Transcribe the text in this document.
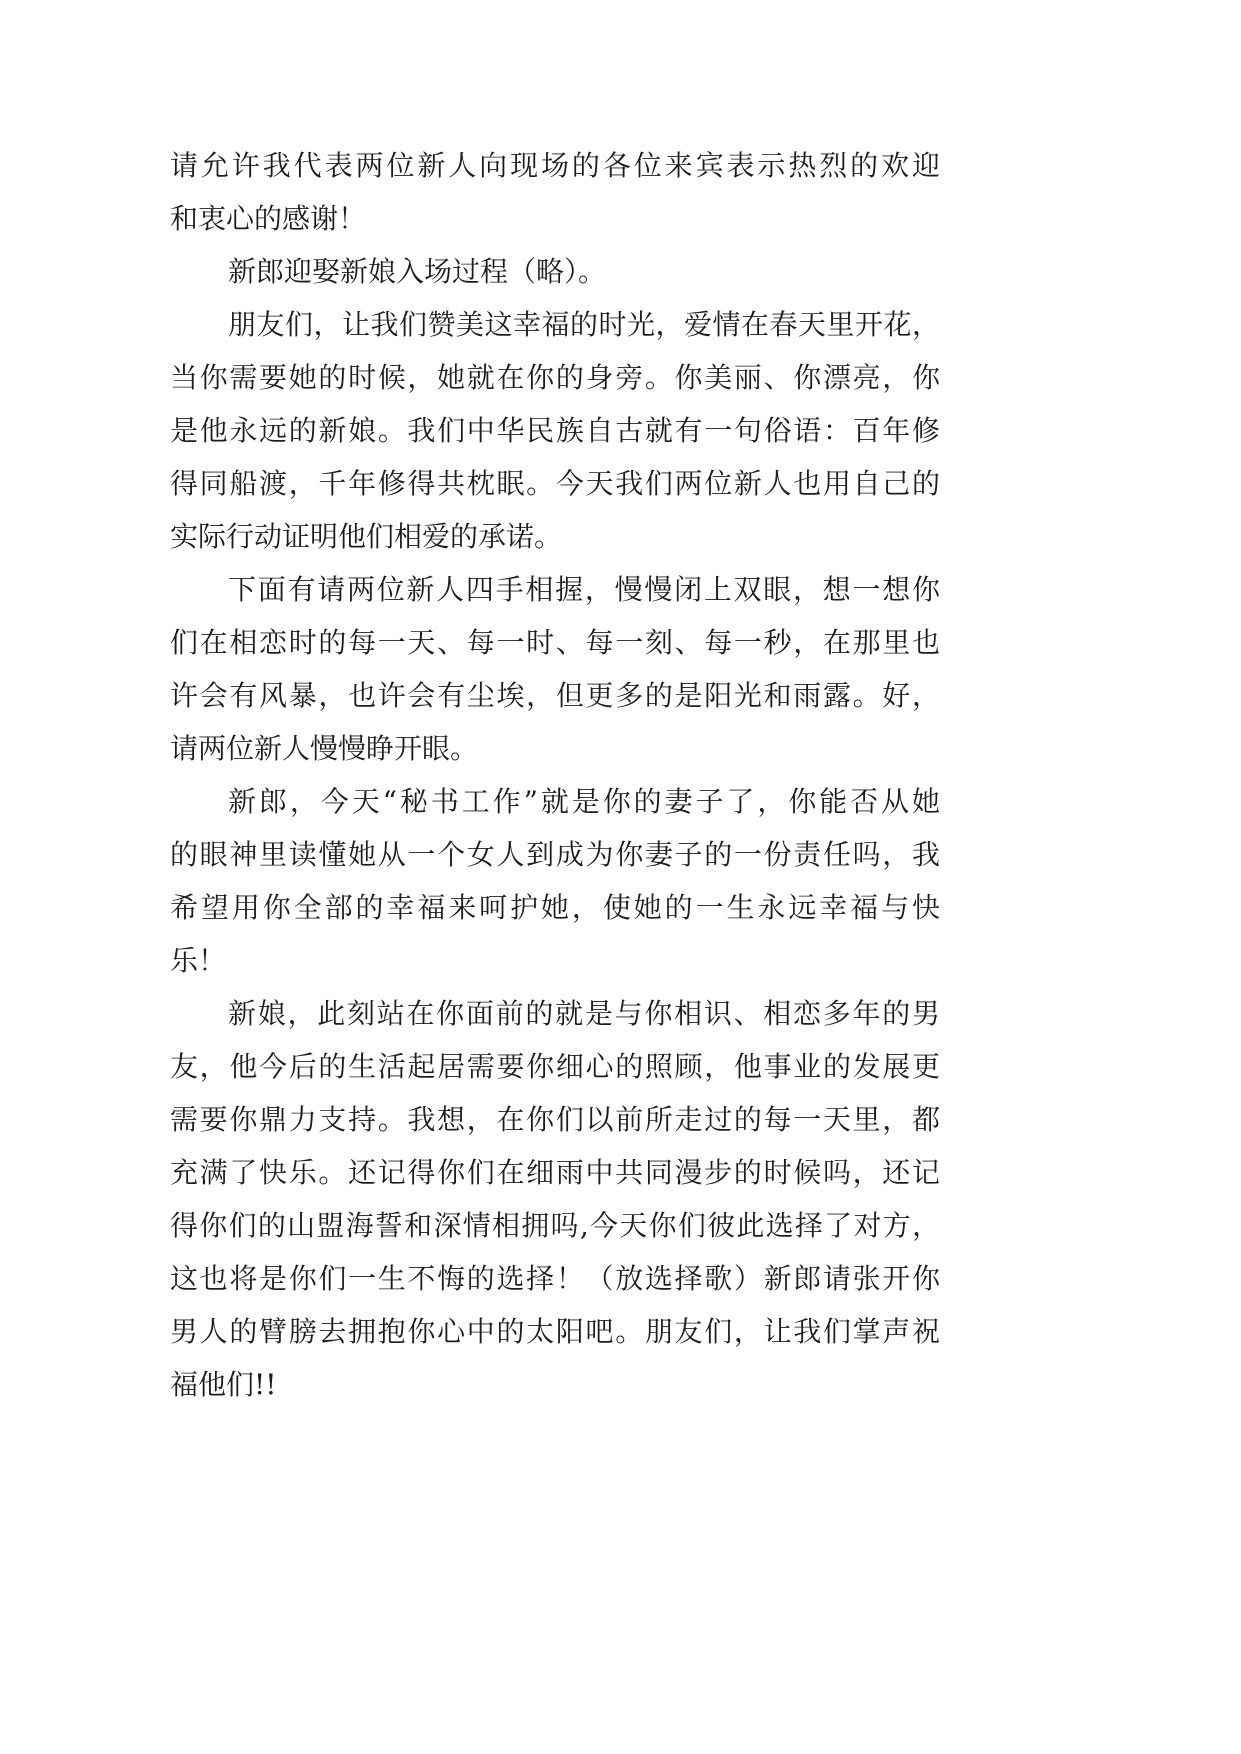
请允许我代表两位新人向现场的各位来宾表示热烈的欢迎
和衷心的感谢！
新郎迎娶新娘入场过程（略）。
朋友们，让我们赞美这幸福的时光，爱情在春天里开花，
当你需要她的时候，她就在你的身旁。你美丽、你漂亮，你
是他永远的新娘。我们中华民族自古就有一句俗语：百年修
得同船渡，千年修得共枕眠。今天我们两位新人也用自己的
实际行动证明他们相爱的承诺。
下面有请两位新人四手相握，慢慢闭上双眼，想一想你
们在相恋时的每一天、每一时、每一刻、每一秒，在那里也
许会有风暴，也许会有尘埃，但更多的是阳光和雨露。好，
请两位新人慢慢睁开眼。
新郎，今天“秘书工作”就是你的妻子了，你能否从她
的眼神里读懂她从一个女人到成为你妻子的一份责任吗，我
希望用你全部的幸福来呵护她，使她的一生永远幸福与快
乐！
新娘，此刻站在你面前的就是与你相识、相恋多年的男
友，他今后的生活起居需要你细心的照顾，他事业的发展更
需要你鼎力支持。我想，在你们以前所走过的每一天里，都
充满了快乐。还记得你们在细雨中共同漫步的时候吗，还记
得你们的山盟海誓和深情相拥吗,今天你们彼此选择了对方，
这也将是你们一生不悔的选择！（放选择歌）新郎请张开你
男人的臂膀去拥抱你心中的太阳吧。朋友们，让我们掌声祝
福他们!!
